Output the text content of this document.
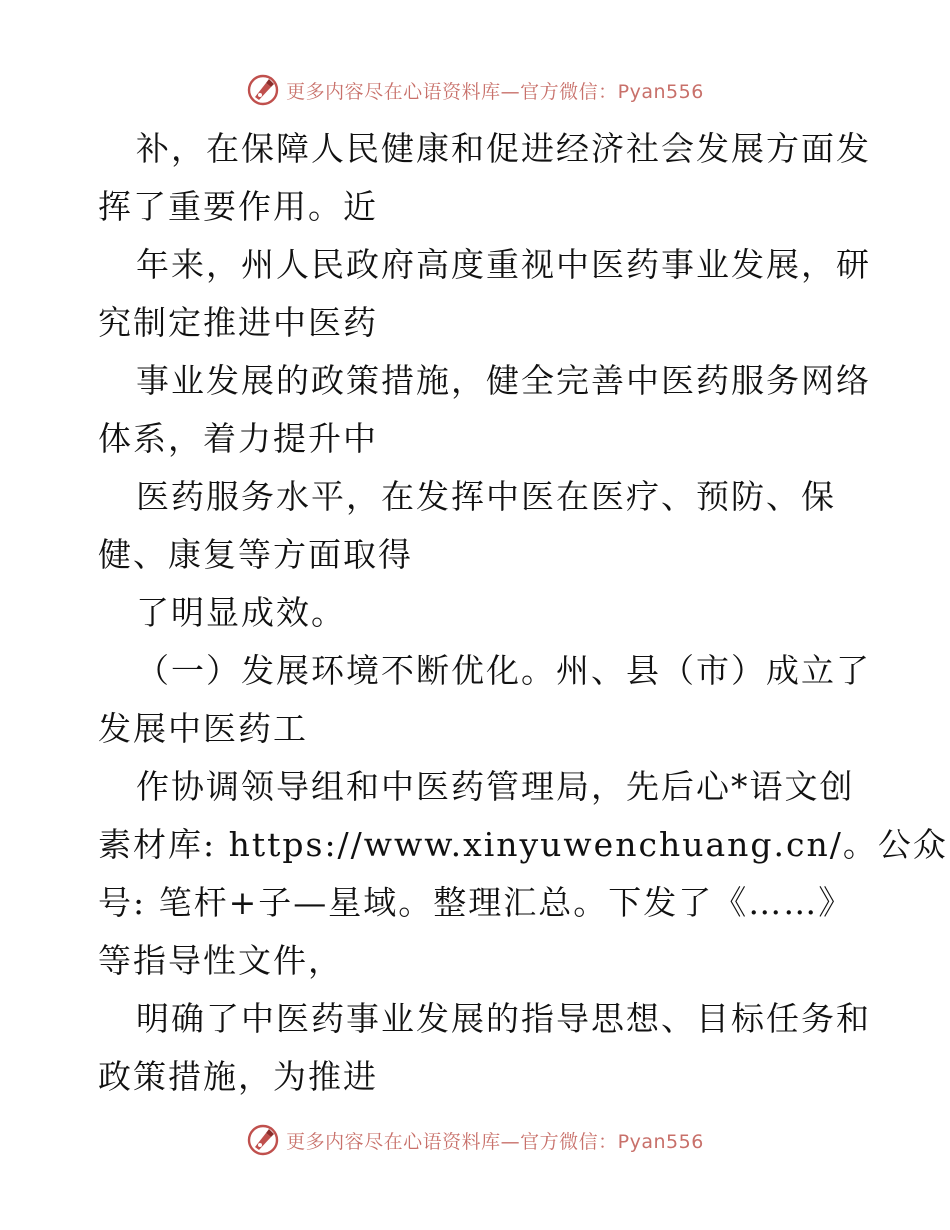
更多内容尽在心语资料库—官方微信：Pyan556
补，在保障人民健康和促进经济社会发展方面发
挥了重要作用。近
年来，州人民政府高度重视中医药事业发展，研
究制定推进中医药
事业发展的政策措施，健全完善中医药服务网络
体系，着力提升中
医药服务水平，在发挥中医在医疗、预防、保
健、康复等方面取得
了明显成效。
（一）发展环境不断优化。州、县（市）成立了
发展中医药工
作协调领导组和中医药管理局，先后心*语文创
素材库: https://www.xinyuwenchuang.cn/。公众
号: 笔杆+子—星域。整理汇总。下发了《……》
等指导性文件，
明确了中医药事业发展的指导思想、目标任务和
政策措施，为推进
更多内容尽在心语资料库—官方微信：Pyan556
